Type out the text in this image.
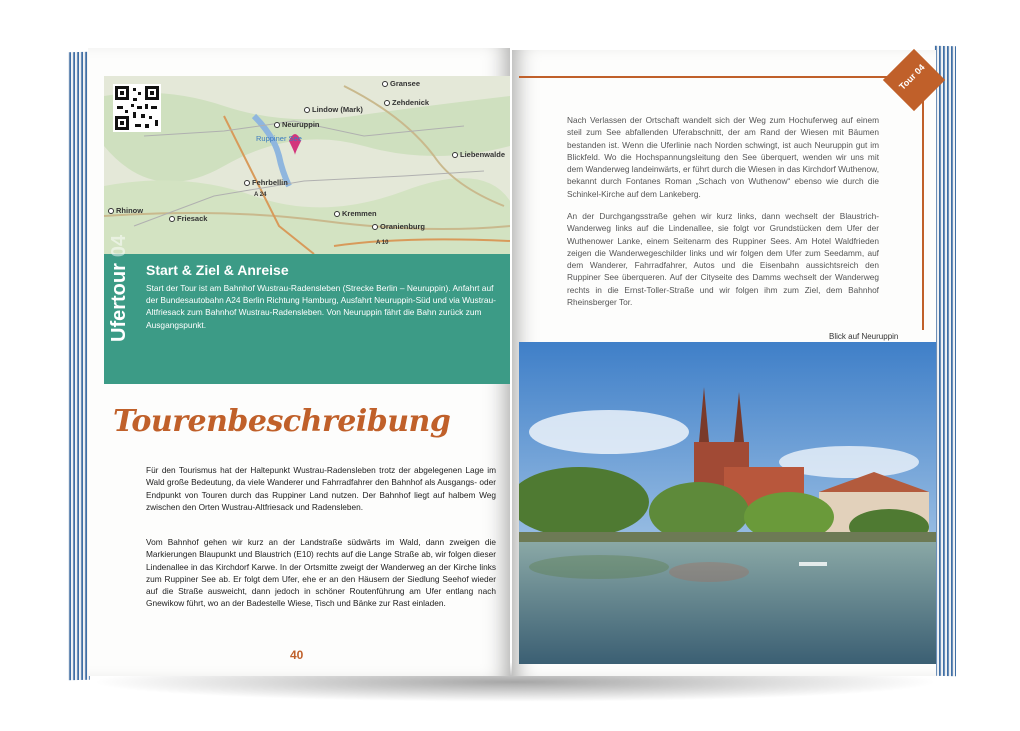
Gransee
Zehdenick
Lindow (Mark)
Neuruppin
Ruppiner See
Liebenwalde
Fehrbellin
Rhinow
Friesack
Kremmen
Oranienburg
A 24
A 10
Ufertour04
Start & Ziel & Anreise
Start der Tour ist am Bahnhof Wustrau-Radensleben (Strecke Berlin – Neuruppin). Anfahrt auf der Bundesautobahn A24 Berlin Richtung Hamburg, Ausfahrt Neuruppin-Süd und via Wustrau-Altfriesack zum Bahnhof Wustrau-Radensleben. Von Neuruppin fährt die Bahn zurück zum Ausgangspunkt.
Tourenbeschreibung
Für den Tourismus hat der Haltepunkt Wustrau-Radensleben trotz der abgelegenen Lage im Wald große Bedeutung, da viele Wanderer und Fahrradfahrer den Bahnhof als Ausgangs- oder Endpunkt von Touren durch das Ruppiner Land nutzen. Der Bahnhof liegt auf halbem Weg zwischen den Orten Wustrau-Altfriesack und Radensleben.
Vom Bahnhof gehen wir kurz an der Landstraße südwärts im Wald, dann zweigen die Markierungen Blaupunkt und Blaustrich (E10) rechts auf die Lange Straße ab, wir folgen dieser Lindenallee in das Kirchdorf Karwe. In der Ortsmitte zweigt der Wanderweg an der Kirche links zum Ruppiner See ab. Er folgt dem Ufer, ehe er an den Häusern der Siedlung Seehof wieder auf die Straße ausweicht, dann jedoch in schöner Routenführung am Ufer entlang nach Gnewikow führt, wo an der Badestelle Wiese, Tisch und Bänke zur Rast einladen.
40
Tour 04
Nach Verlassen der Ortschaft wandelt sich der Weg zum Hochuferweg auf einem steil zum See abfallenden Uferabschnitt, der am Rand der Wiesen mit Bäumen bestanden ist. Wenn die Uferlinie nach Norden schwingt, ist auch Neuruppin gut im Blickfeld. Wo die Hochspannungsleitung den See überquert, wenden wir uns mit dem Wanderweg landeinwärts, er führt durch die Wiesen in das Kirchdorf Wuthenow, bekannt durch Fontanes Roman „Schach von Wuthenow“ ebenso wie durch die Schinkel-Kirche auf dem Lankeberg.
An der Durchgangsstraße gehen wir kurz links, dann wechselt der Blaustrich-Wanderweg links auf die Lindenallee, sie folgt vor Grundstücken dem Ufer der Wuthenower Lanke, einem Seitenarm des Ruppiner Sees. Am Hotel Waldfrieden zeigen die Wanderwegeschilder links und wir folgen dem Ufer zum Seedamm, auf dem Wanderer, Fahrradfahrer, Autos und die Eisenbahn aussichtsreich den Ruppiner See überqueren. Auf der Cityseite des Damms wechselt der Wanderweg rechts in die Ernst-Toller-Straße und wir folgen ihm zum Ziel, dem Bahnhof Rheinsberger Tor.
Blick auf Neuruppin
